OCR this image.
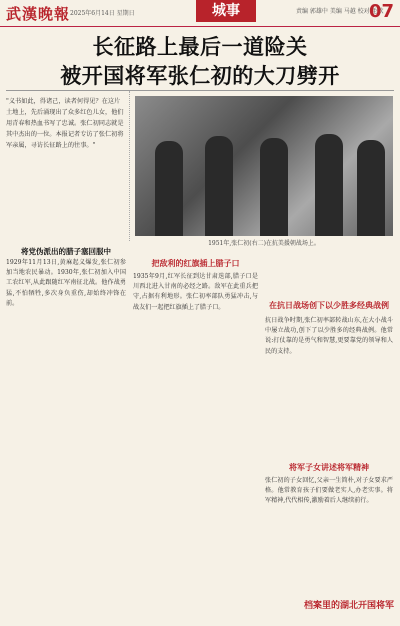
武漢晚報 2025年6月14日 星期日	城事	责编 郭雄中 美编 马越 校对 毛欣
07
长征路上最后一道险关
被开国将军张仁初的大刀劈开
"义书如此，得诸己，读者何得见？在这片土地上，先后涌现出了众多红色儿女，他们用青春和热血书写了忠诚。张仁初同志就是其中杰出的一位。本报记者专访了张仁初将军亲属，寻访长征路上的往事。"
1951年,张仁初(右二)在抗美援朝战场上。
将党伪派出的腊子塞回服中
1929年11月13日,黄麻起义爆发,张仁初参加当地农民暴动。1930年,张仁初加入中国工农红军,从此跟随红军南征北战。他作战勇猛,不怕牺牲,多次身负重伤,却始终冲锋在前。
把敌利的红旗插上腊子口
1935年9月,红军长征到达甘肃迭部,腊子口是川西北进入甘南的必经之路。敌军在此重兵把守,占据有利地形。张仁初率部队勇猛冲击,与战友们一起把红旗插上了腊子口。	在抗日战场创下以少胜多经典战例
抗日战争时期,张仁初率部转战山东,在大小战斗中屡立战功,创下了以少胜多的经典战例。他常说:打仗靠的是勇气和智慧,更要靠党的领导和人民的支持。
将军子女讲述将军精神
张仁初的子女回忆,父亲一生简朴,对子女要求严格。他常教育孩子们要做老实人,办老实事。将军精神,代代相传,激励着后人继续前行。
档案里的湖北开国将军
